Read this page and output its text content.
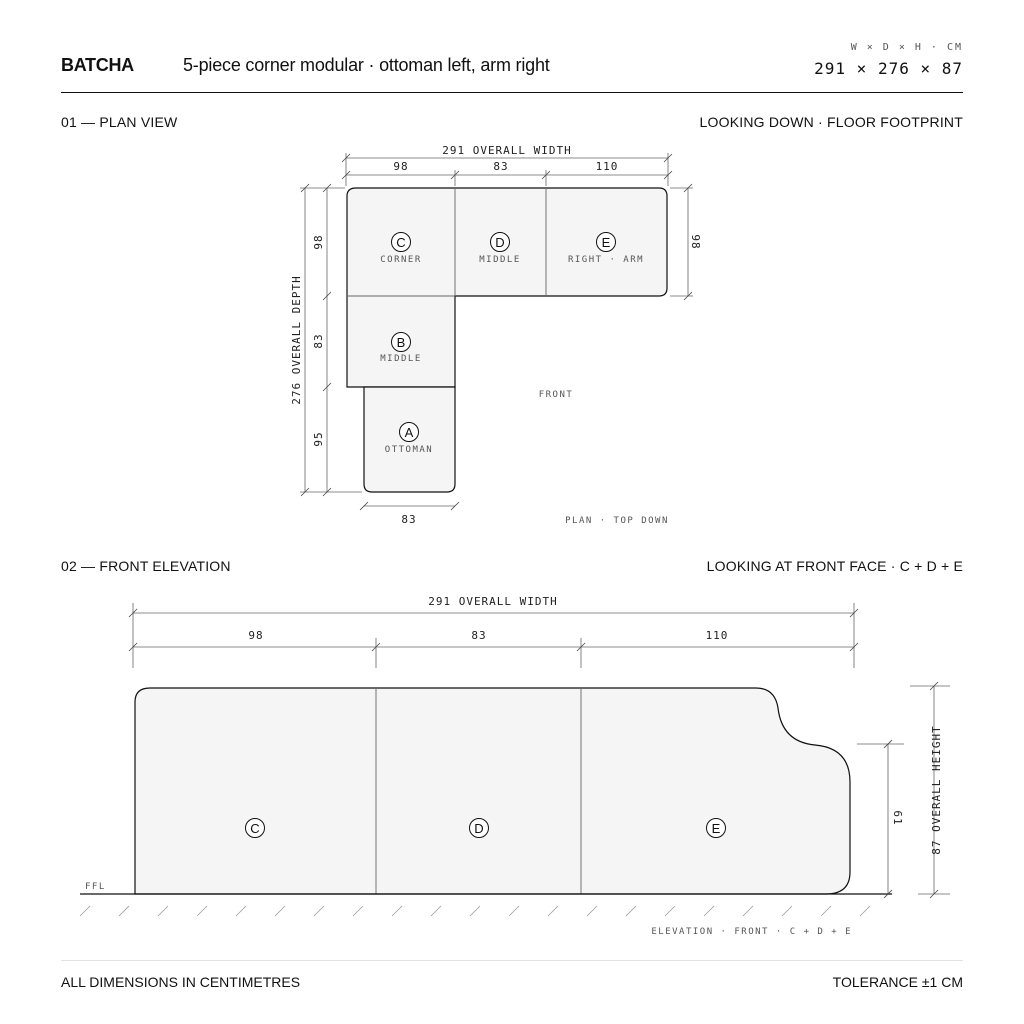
BATCHA	5-piece corner modular · ottoman left, arm right
W × D × H · CM
291 × 276 × 87
01 — PLAN VIEW	LOOKING DOWN · FLOOR FOOTPRINT
02 — FRONT ELEVATION	LOOKING AT FRONT FACE · C + D + E
291 OVERALL WIDTH
98	83	110
276 OVERALL DEPTH
98
83
95
98
C
CORNER
D
MIDDLE
E
RIGHT · ARM
B
MIDDLE
A
OTTOMAN
83
FRONT
PLAN · TOP DOWN
291 OVERALL WIDTH
98	83	110
C	D	E
FFL
61 87 OVERALL HEIGHT
ELEVATION · FRONT · C + D + E
ALL DIMENSIONS IN CENTIMETRES	TOLERANCE ±1 CM
